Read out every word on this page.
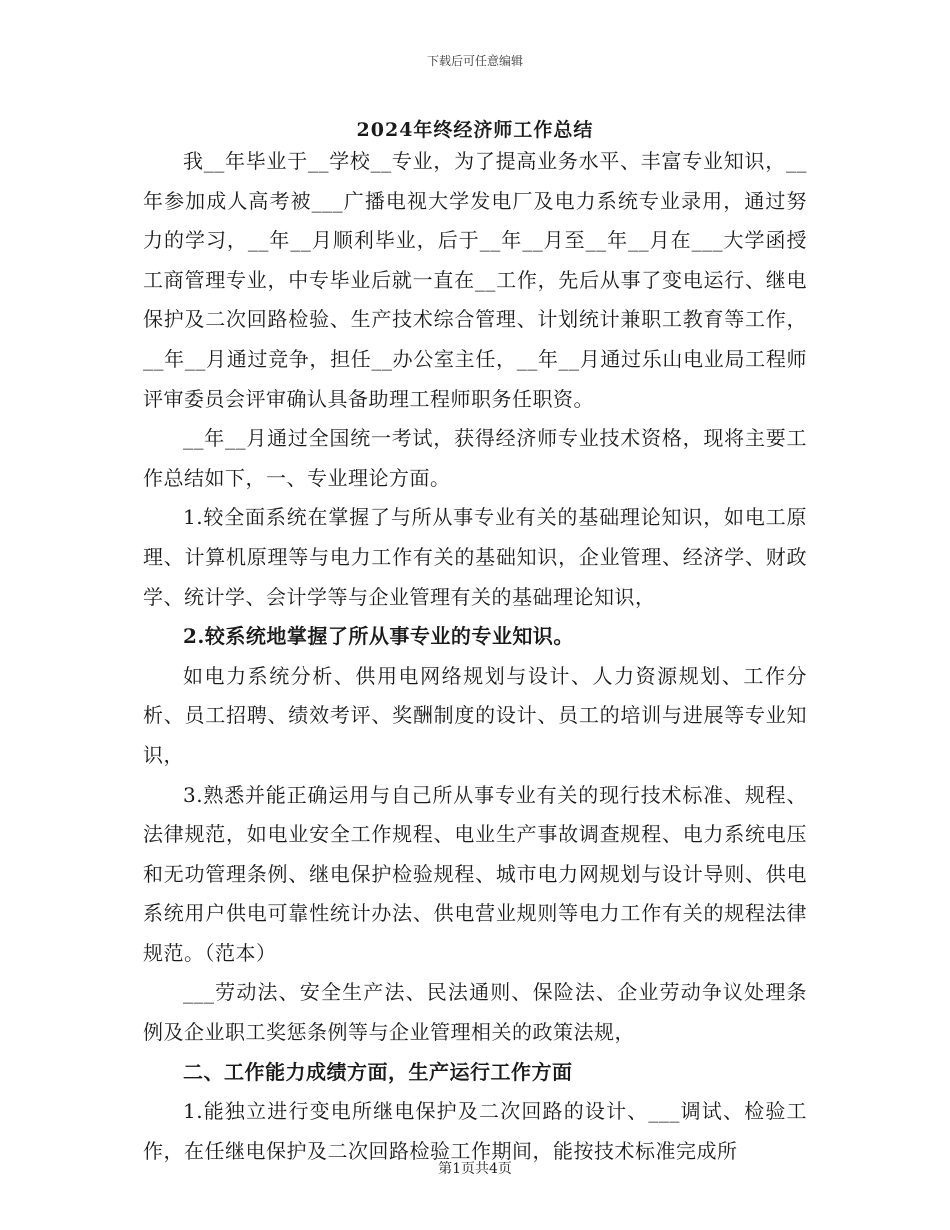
下载后可任意编辑
2024年终经济师工作总结

我__年毕业于__学校__专业，为了提高业务水平、丰富专业知识，__年参加成人高考被___广播电视大学发电厂及电力系统专业录用，通过努力的学习，__年__月顺利毕业，后于__年__月至__年__月在___大学函授工商管理专业，中专毕业后就一直在__工作，先后从事了变电运行、继电保护及二次回路检验、生产技术综合管理、计划统计兼职工教育等工作，__年__月通过竞争，担任__办公室主任，__年__月通过乐山电业局工程师评审委员会评审确认具备助理工程师职务任职资。

__年__月通过全国统一考试，获得经济师专业技术资格，现将主要工作总结如下，一、专业理论方面。

1.较全面系统在掌握了与所从事专业有关的基础理论知识，如电工原理、计算机原理等与电力工作有关的基础知识，企业管理、经济学、财政学、统计学、会计学等与企业管理有关的基础理论知识，

2.较系统地掌握了所从事专业的专业知识。

如电力系统分析、供用电网络规划与设计、人力资源规划、工作分析、员工招聘、绩效考评、奖酬制度的设计、员工的培训与进展等专业知识，

3.熟悉并能正确运用与自己所从事专业有关的现行技术标准、规程、法律规范，如电业安全工作规程、电业生产事故调查规程、电力系统电压和无功管理条例、继电保护检验规程、城市电力网规划与设计导则、供电系统用户供电可靠性统计办法、供电营业规则等电力工作有关的规程法律规范。（范本）

___劳动法、安全生产法、民法通则、保险法、企业劳动争议处理条例及企业职工奖惩条例等与企业管理相关的政策法规，

二、工作能力成绩方面，生产运行工作方面

1.能独立进行变电所继电保护及二次回路的设计、___调试、检验工作，在任继电保护及二次回路检验工作期间，能按技术标准完成所

第1页共4页
